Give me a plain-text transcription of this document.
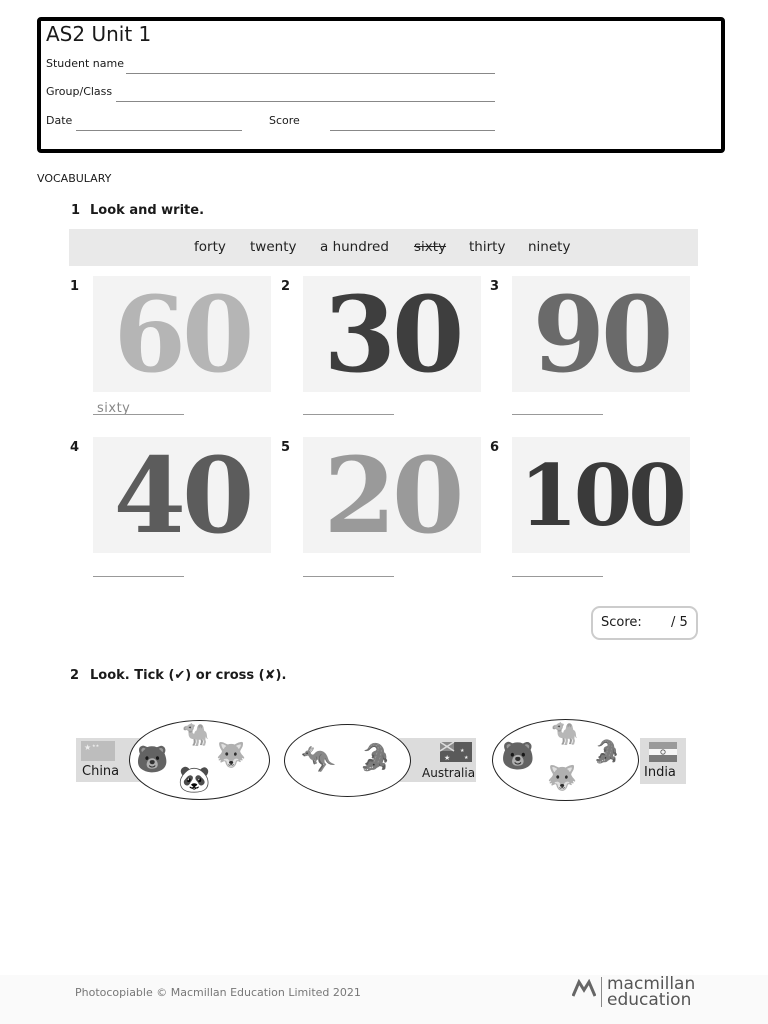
AS2 Unit 1
Student name
Group/Class
Date	Score
VOCABULARY
1 Look and write.
forty twenty a hundred sixty thirty ninety
1 60
sixty
2 30	3 90
4 40	5 20	6 100
Score: / 5
2 Look. Tick (✔) or cross (✘).
★ ★★
China 🐻
🐪
🐺
🐼
★
★
★
Australia
🦘 🐊	India
🐻
🐪
🐊
🐺
Photocopiable © Macmillan Education Limited 2021	macmillan
education
